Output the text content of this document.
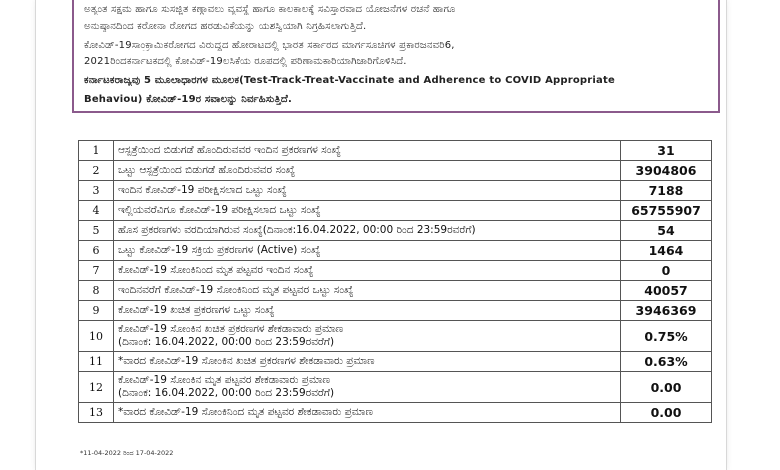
ಅತ್ಯಂತ ಸಕ್ಷಮ ಹಾಗೂ ಸುಸಜ್ಜಿತ ಕಣ್ಗಾವಲು ವ್ಯವಸ್ಥೆ ಹಾಗೂ ಕಾಲಕಾಲಕ್ಕೆ ಸವಿಸ್ತಾರವಾದ ಯೋಜನೆಗಳ ರಚನೆ ಹಾಗೂ
ಅನುಷ್ಠಾನದಿಂದ ಕರೋನಾ ರೋಗದ ಹರಡುವಿಕೆಯನ್ನು ಯಶಸ್ವಿಯಾಗಿ ನಿಗ್ರಹಿಸಲಾಗುತ್ತಿದೆ.
ಕೋವಿಡ್-19ಸಾಂಕ್ರಾಮಿಕರೋಗದ ವಿರುದ್ಧದ ಹೋರಾಟದಲ್ಲಿ ಭಾರತ ಸರ್ಕಾರದ ಮಾರ್ಗಸೂಚಿಗಳ ಪ್ರಕಾರಜನವರಿ6,
2021ರಿಂದಕರ್ನಾಟಕದಲ್ಲಿ ಕೋವಿಡ್-19ಲಸಿಕೆಯ ರೂಪದಲ್ಲಿ ಪರಿಣಾಮಕಾರಿಯಾಗಿಜಾರಿಗೊಳಿಸಿದೆ.
ಕರ್ನಾಟಕರಾಜ್ಯವು 5 ಮೂಲಾಧಾರಗಳ ಮೂಲಕ(Test-Track-Treat-Vaccinate and Adherence to COVID Appropriate
Behaviou) ಕೋವಿಡ್-19ರ ಸವಾಲನ್ನು ನಿರ್ವಹಿಸುತ್ತಿದೆ.
1	ಆಸ್ಪತ್ರೆಯಿಂದ ಬಿಡುಗಡೆ ಹೊಂದಿರುವವರ ಇಂದಿನ ಪ್ರಕರಣಗಳ ಸಂಖ್ಯೆ	31
2	ಒಟ್ಟು ಆಸ್ಪತ್ರೆಯಿಂದ ಬಿಡುಗಡೆ ಹೊಂದಿರುವವರ ಸಂಖ್ಯೆ	3904806
3	ಇಂದಿನ ಕೋವಿಡ್-19 ಪರೀಕ್ಷಿಸಲಾದ ಒಟ್ಟು ಸಂಖ್ಯೆ	7188
4	ಇಲ್ಲಿಯವರೆವಿಗೂ ಕೋವಿಡ್-19 ಪರೀಕ್ಷಿಸಲಾದ ಒಟ್ಟು ಸಂಖ್ಯೆ	65755907
5	ಹೊಸ ಪ್ರಕರಣಗಳು ವರದಿಯಾಗಿರುವ ಸಂಖ್ಯೆ(ದಿನಾಂಕ:16.04.2022, 00:00 ರಿಂದ 23:59ರವರೆಗೆ)	54
6	ಒಟ್ಟು ಕೋವಿಡ್-19 ಸಕ್ರಿಯ ಪ್ರಕರಣಗಳ (Active) ಸಂಖ್ಯೆ	1464
7	ಕೋವಿಡ್-19 ಸೋಂಕಿನಿಂದ ಮೃತ ಪಟ್ಟವರ ಇಂದಿನ ಸಂಖ್ಯೆ	0
8	ಇಂದಿನವರೆಗೆ ಕೋವಿಡ್-19 ಸೋಂಕಿನಿಂದ ಮೃತ ಪಟ್ಟವರ ಒಟ್ಟು ಸಂಖ್ಯೆ	40057
9	ಕೋವಿಡ್-19 ಖಚಿತ ಪ್ರಕರಣಗಳ ಒಟ್ಟು ಸಂಖ್ಯೆ	3946369
10	ಕೋವಿಡ್-19 ಸೋಂಕಿನ ಖಚಿತ ಪ್ರಕರಣಗಳ ಶೇಕಡಾವಾರು ಪ್ರಮಾಣ
(ದಿನಾಂಕ: 16.04.2022, 00:00 ರಿಂದ 23:59ರವರೆಗೆ)	0.75%
11	*ವಾರದ ಕೋವಿಡ್-19 ಸೋಂಕಿನ ಖಚಿತ ಪ್ರಕರಣಗಳ ಶೇಕಡಾವಾರು ಪ್ರಮಾಣ	0.63%
12	ಕೋವಿಡ್-19 ಸೋಂಕಿನ ಮೃತ ಪಟ್ಟವರ ಶೇಕಡಾವಾರು ಪ್ರಮಾಣ
(ದಿನಾಂಕ: 16.04.2022, 00:00 ರಿಂದ 23:59ರವರೆಗೆ)	0.00
13	*ವಾರದ ಕೋವಿಡ್-19 ಸೋಂಕಿನಿಂದ ಮೃತ ಪಟ್ಟವರ ಶೇಕಡಾವಾರು ಪ್ರಮಾಣ	0.00
*11-04-2022 ರಿಂದ 17-04-2022
